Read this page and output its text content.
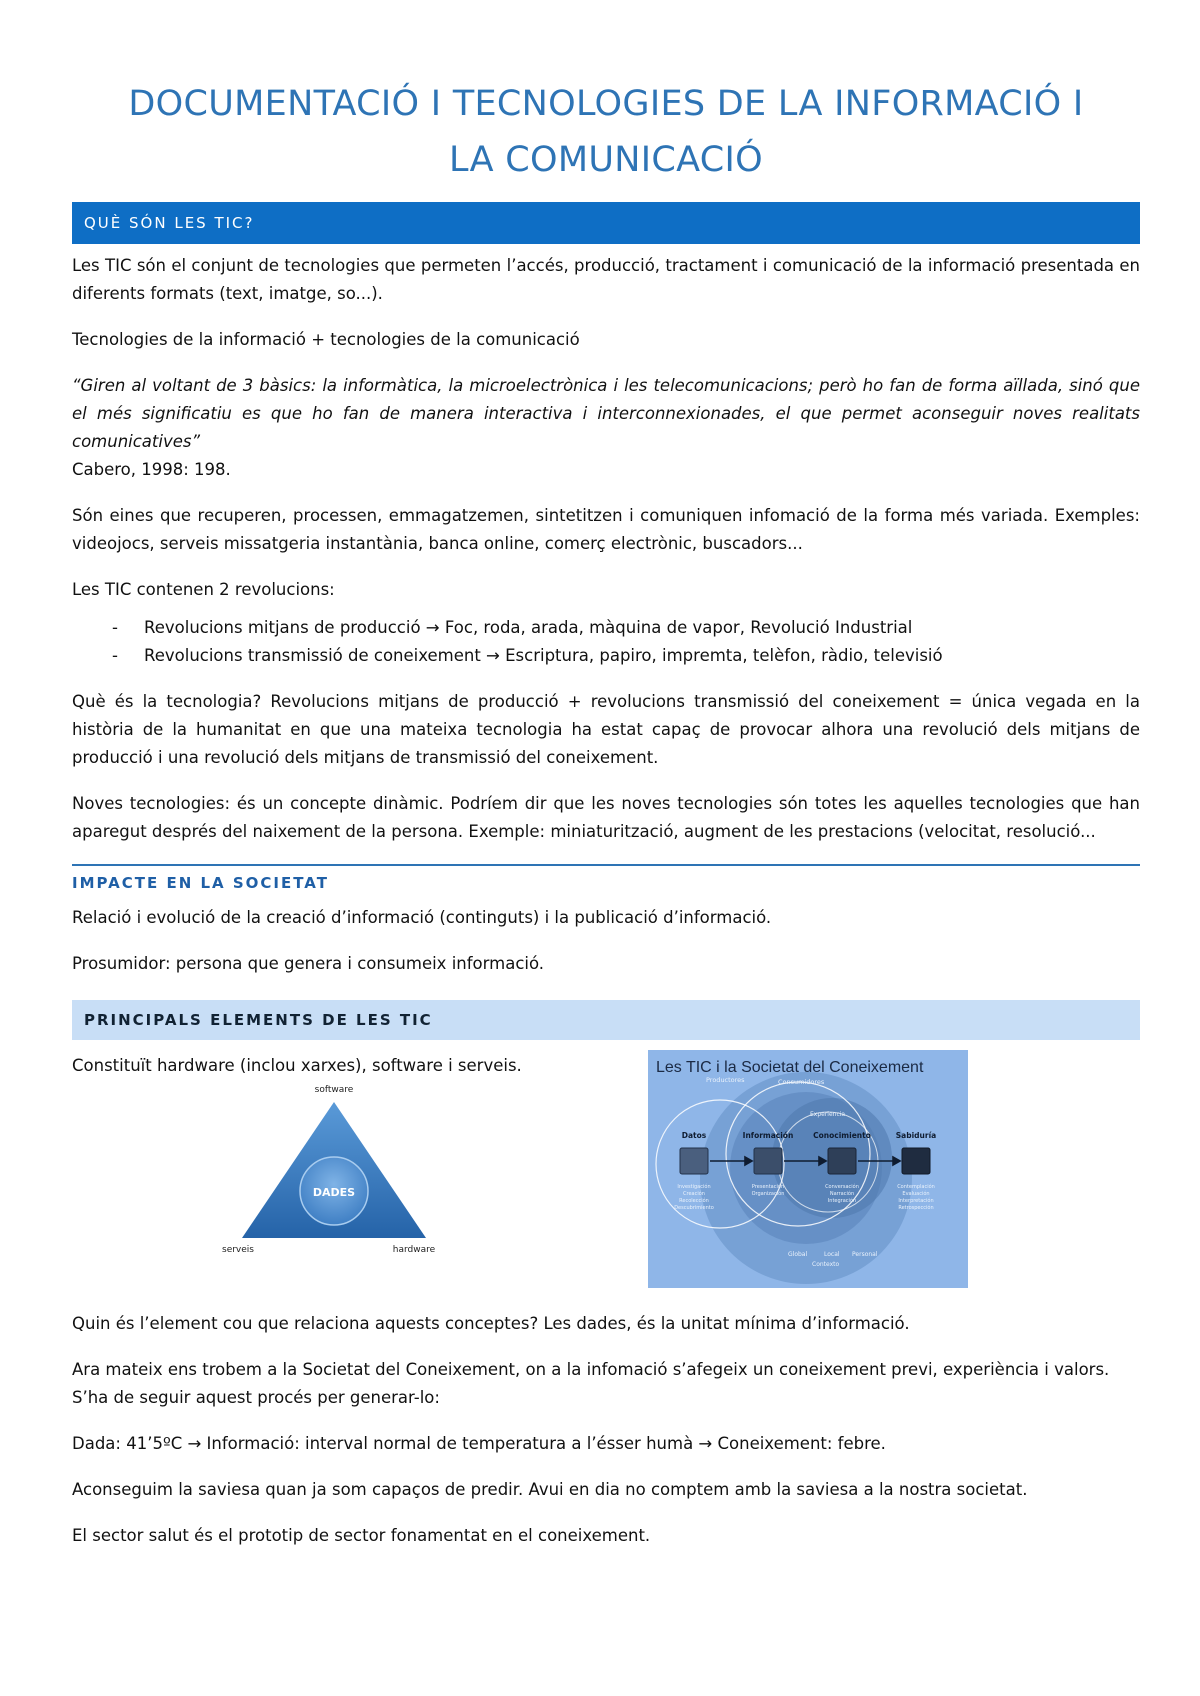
DOCUMENTACIÓ I TECNOLOGIES DE LA INFORMACIÓ I
LA COMUNICACIÓ
QUÈ SÓN LES TIC?

Les TIC són el conjunt de tecnologies que permeten l’accés, producció, tractament i comunicació de la informació presentada en diferents formats (text, imatge, so...).

Tecnologies de la informació + tecnologies de la comunicació

“Giren al voltant de 3 bàsics: la informàtica, la microelectrònica i les telecomunicacions; però ho fan de forma aïllada, sinó que el més significatiu es que ho fan de manera interactiva i interconnexionades, el que permet aconseguir noves realitats comunicatives”

Cabero, 1998: 198.

Són eines que recuperen, processen, emmagatzemen, sintetitzen i comuniquen infomació de la forma més variada. Exemples: videojocs, serveis missatgeria instantània, banca online, comerç electrònic, buscadors...

Les TIC contenen 2 revolucions:

- Revolucions mitjans de producció → Foc, roda, arada, màquina de vapor, Revolució Industrial
- Revolucions transmissió de coneixement → Escriptura, papiro, impremta, telèfon, ràdio, televisió

Què és la tecnologia? Revolucions mitjans de producció + revolucions transmissió del coneixement = única vegada en la història de la humanitat en que una mateixa tecnologia ha estat capaç de provocar alhora una revolució dels mitjans de producció i una revolució dels mitjans de transmissió del coneixement.

Noves tecnologies: és un concepte dinàmic. Podríem dir que les noves tecnologies són totes les aquelles tecnologies que han aparegut després del naixement de la persona. Exemple: miniaturització, augment de les prestacions (velocitat, resolució...

IMPACTE EN LA SOCIETAT

Relació i evolució de la creació d’informació (continguts) i la publicació d’informació.

Prosumidor: persona que genera i consumeix informació.

PRINCIPALS ELEMENTS DE LES TIC

Constituït hardware (inclou xarxes), software i serveis.

DADES
software
serveis	hardware
Les TIC i la Societat del Coneixement
Productores	Consumidores
Experiencia
Datos	Información	Conocimiento	Sabiduría
Investigación
Creación
Recolección
Descubrimiento
Presentación
Organización
Conversación
Narración
Integración
Contemplación
Evaluación
Interpretación
Retrospección
Global	Local Personal
Contexto

Quin és l’element cou que relaciona aquests conceptes? Les dades, és la unitat mínima d’informació.

Ara mateix ens trobem a la Societat del Coneixement, on a la infomació s’afegeix un coneixement previ, experiència i valors.

S’ha de seguir aquest procés per generar-lo:

Dada: 41’5ºC → Informació: interval normal de temperatura a l’ésser humà → Coneixement: febre.

Aconseguim la saviesa quan ja som capaços de predir. Avui en dia no comptem amb la saviesa a la nostra societat.

El sector salut és el prototip de sector fonamentat en el coneixement.
